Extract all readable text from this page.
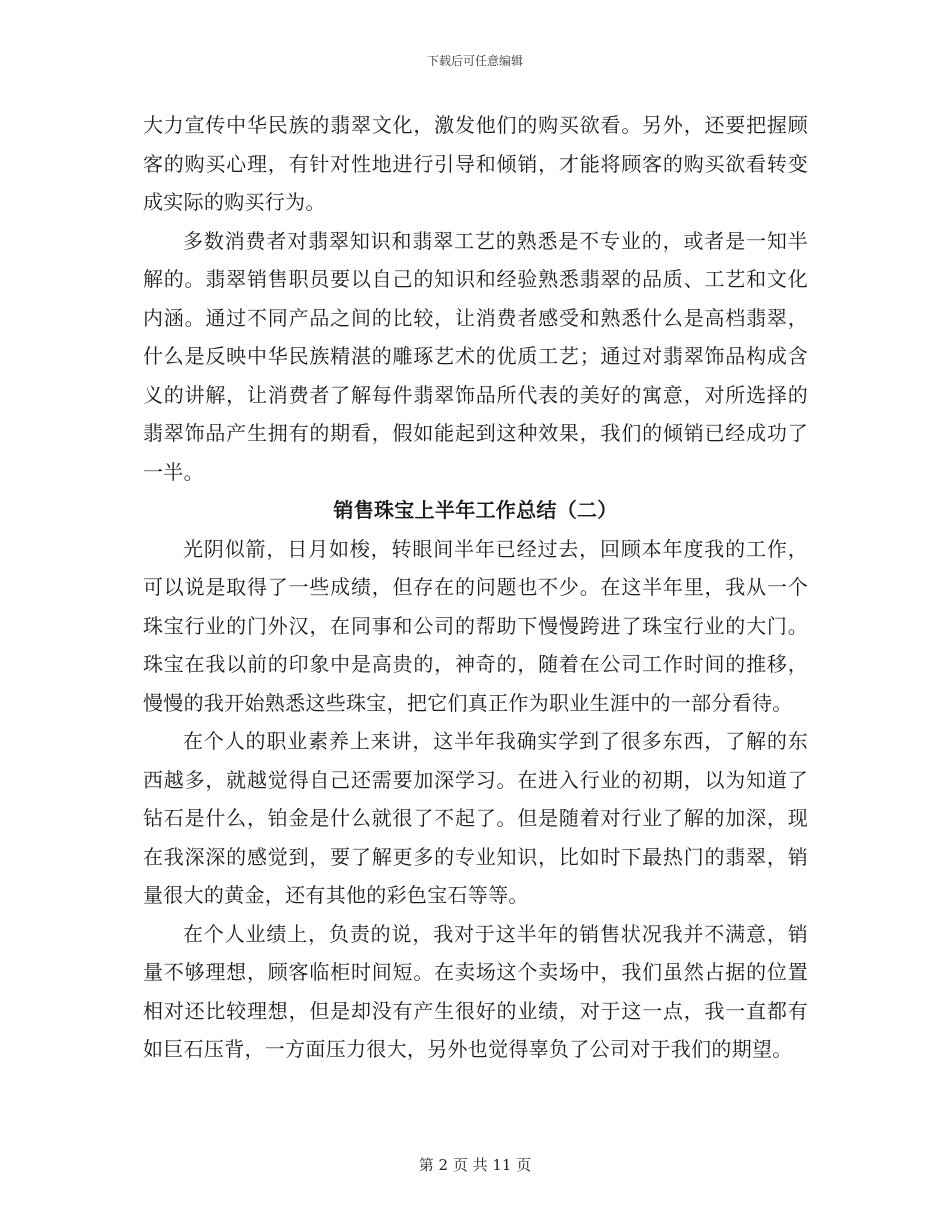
下载后可任意编辑

大力宣传中华民族的翡翠文化，激发他们的购买欲看。另外，还要把握顾客的购买心理，有针对性地进行引导和倾销，才能将顾客的购买欲看转变成实际的购买行为。

多数消费者对翡翠知识和翡翠工艺的熟悉是不专业的，或者是一知半解的。翡翠销售职员要以自己的知识和经验熟悉翡翠的品质、工艺和文化内涵。通过不同产品之间的比较，让消费者感受和熟悉什么是高档翡翠，什么是反映中华民族精湛的雕琢艺术的优质工艺；通过对翡翠饰品构成含义的讲解，让消费者了解每件翡翠饰品所代表的美好的寓意，对所选择的翡翠饰品产生拥有的期看，假如能起到这种效果，我们的倾销已经成功了一半。

销售珠宝上半年工作总结（二）

光阴似箭，日月如梭，转眼间半年已经过去，回顾本年度我的工作，可以说是取得了一些成绩，但存在的问题也不少。在这半年里，我从一个珠宝行业的门外汉，在同事和公司的帮助下慢慢跨进了珠宝行业的大门。珠宝在我以前的印象中是高贵的，神奇的，随着在公司工作时间的推移，慢慢的我开始熟悉这些珠宝，把它们真正作为职业生涯中的一部分看待。

在个人的职业素养上来讲，这半年我确实学到了很多东西，了解的东西越多，就越觉得自己还需要加深学习。在进入行业的初期，以为知道了钻石是什么，铂金是什么就很了不起了。但是随着对行业了解的加深，现在我深深的感觉到，要了解更多的专业知识，比如时下最热门的翡翠，销量很大的黄金，还有其他的彩色宝石等等。

在个人业绩上，负责的说，我对于这半年的销售状况我并不满意，销量不够理想，顾客临柜时间短。在卖场这个卖场中，我们虽然占据的位置相对还比较理想，但是却没有产生很好的业绩，对于这一点，我一直都有如巨石压背，一方面压力很大，另外也觉得辜负了公司对于我们的期望。

第 2 页 共 11 页
